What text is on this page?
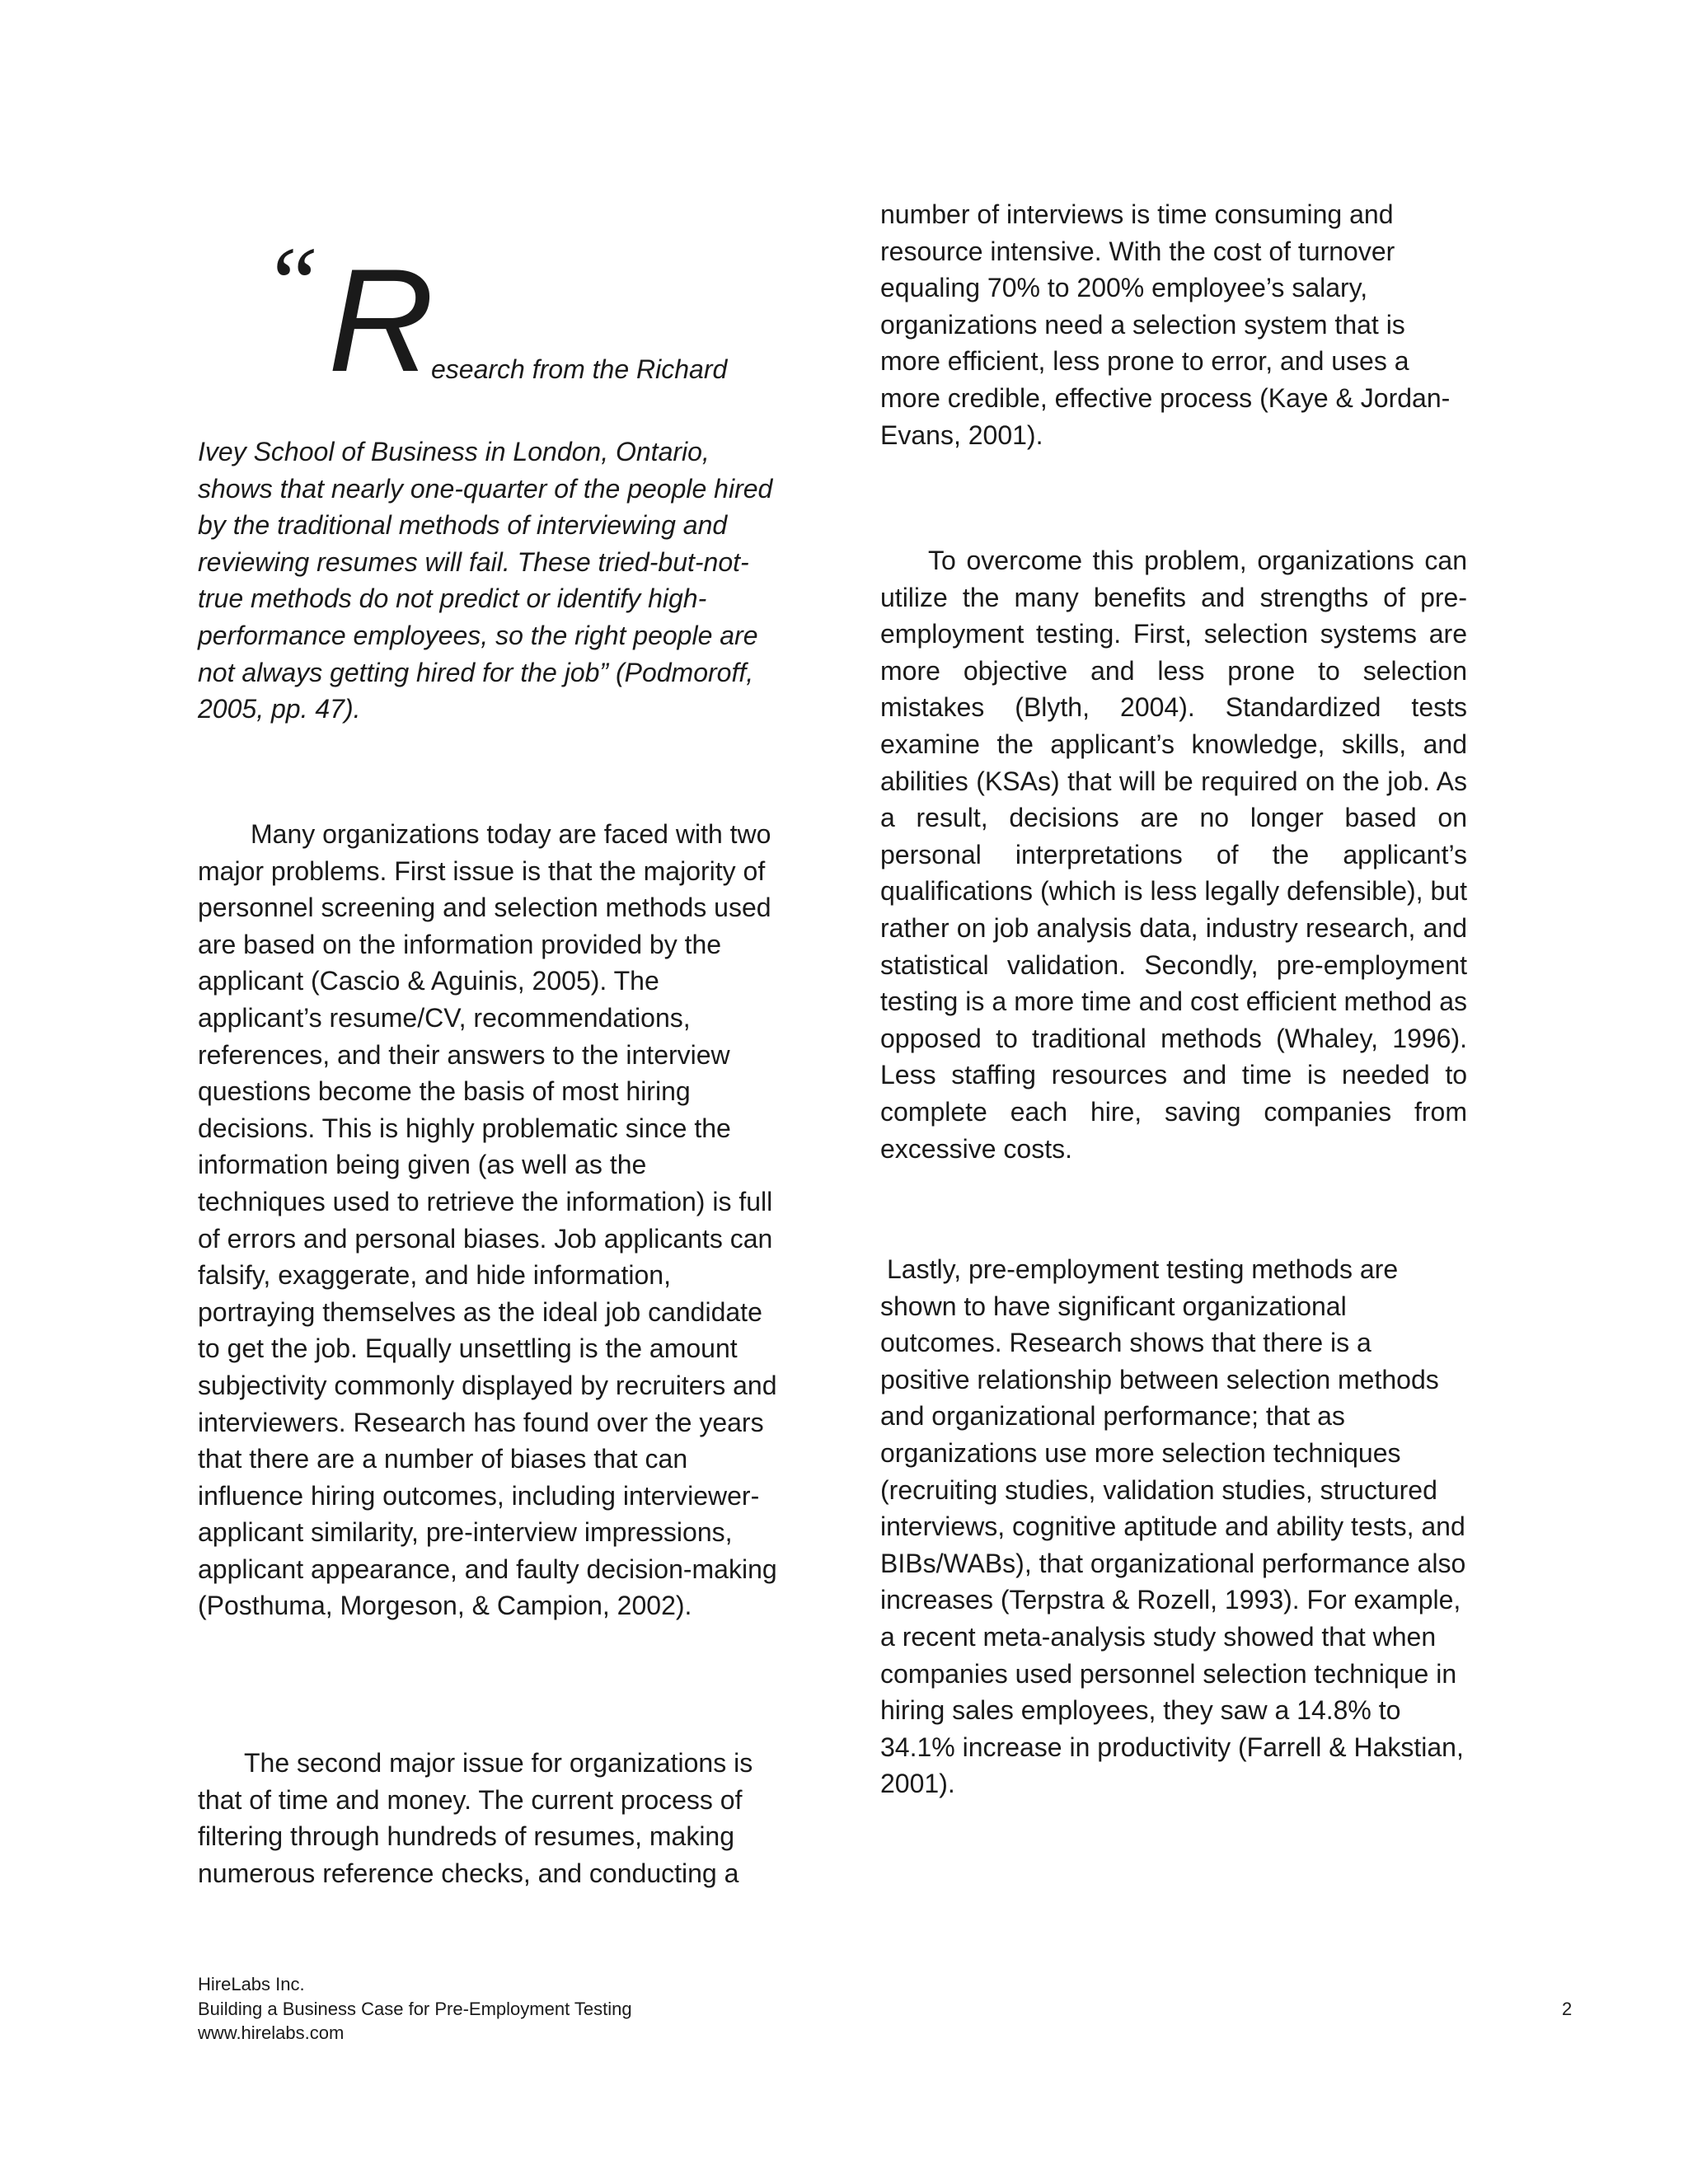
“ R
esearch from the Richard

Ivey School of Business in London, Ontario, shows that nearly one-quarter of the people hired by the traditional methods of interviewing and reviewing resumes will fail. These tried-but-not-true methods do not predict or identify high-performance employees, so the right people are not always getting hired for the job” (Podmoroff, 2005, pp. 47).

Many organizations today are faced with two major problems. First issue is that the majority of personnel screening and selection methods used are based on the information provided by the applicant (Cascio & Aguinis, 2005). The applicant’s resume/CV, recommendations, references, and their answers to the interview questions become the basis of most hiring decisions. This is highly problematic since the information being given (as well as the techniques used to retrieve the information) is full of errors and personal biases. Job applicants can falsify, exaggerate, and hide information, portraying themselves as the ideal job candidate to get the job. Equally unsettling is the amount subjectivity commonly displayed by recruiters and interviewers. Research has found over the years that there are a number of biases that can influence hiring outcomes, including interviewer-applicant similarity, pre-interview impressions, applicant appearance, and faulty decision-making (Posthuma, Morgeson, & Campion, 2002).

The second major issue for organizations is that of time and money. The current process of filtering through hundreds of resumes, making numerous reference checks, and conducting a

number of interviews is time consuming and resource intensive. With the cost of turnover equaling 70% to 200% employee’s salary, organizations need a selection system that is more efficient, less prone to error, and uses a more credible, effective process (Kaye & Jordan-Evans, 2001).

To overcome this problem, organizations can utilize the many benefits and strengths of pre-employment testing. First, selection systems are more objective and less prone to selection mistakes (Blyth, 2004). Standardized tests examine the applicant’s knowledge, skills, and abilities (KSAs) that will be required on the job. As a result, decisions are no longer based on personal interpretations of the applicant’s qualifications (which is less legally defensible), but rather on job analysis data, industry research, and statistical validation. Secondly, pre-employment testing is a more time and cost efficient method as opposed to traditional methods (Whaley, 1996). Less staffing resources and time is needed to complete each hire, saving companies from excessive costs.

Lastly, pre-employment testing methods are shown to have significant organizational outcomes. Research shows that there is a positive relationship between selection methods and organizational performance; that as organizations use more selection techniques (recruiting studies, validation studies, structured interviews, cognitive aptitude and ability tests, and BIBs/WABs), that organizational performance also increases (Terpstra & Rozell, 1993). For example, a recent meta-analysis study showed that when companies used personnel selection technique in hiring sales employees, they saw a 14.8% to 34.1% increase in productivity (Farrell & Hakstian, 2001).

HireLabs Inc.
Building a Business Case for Pre-Employment Testing
www.hirelabs.com
2
